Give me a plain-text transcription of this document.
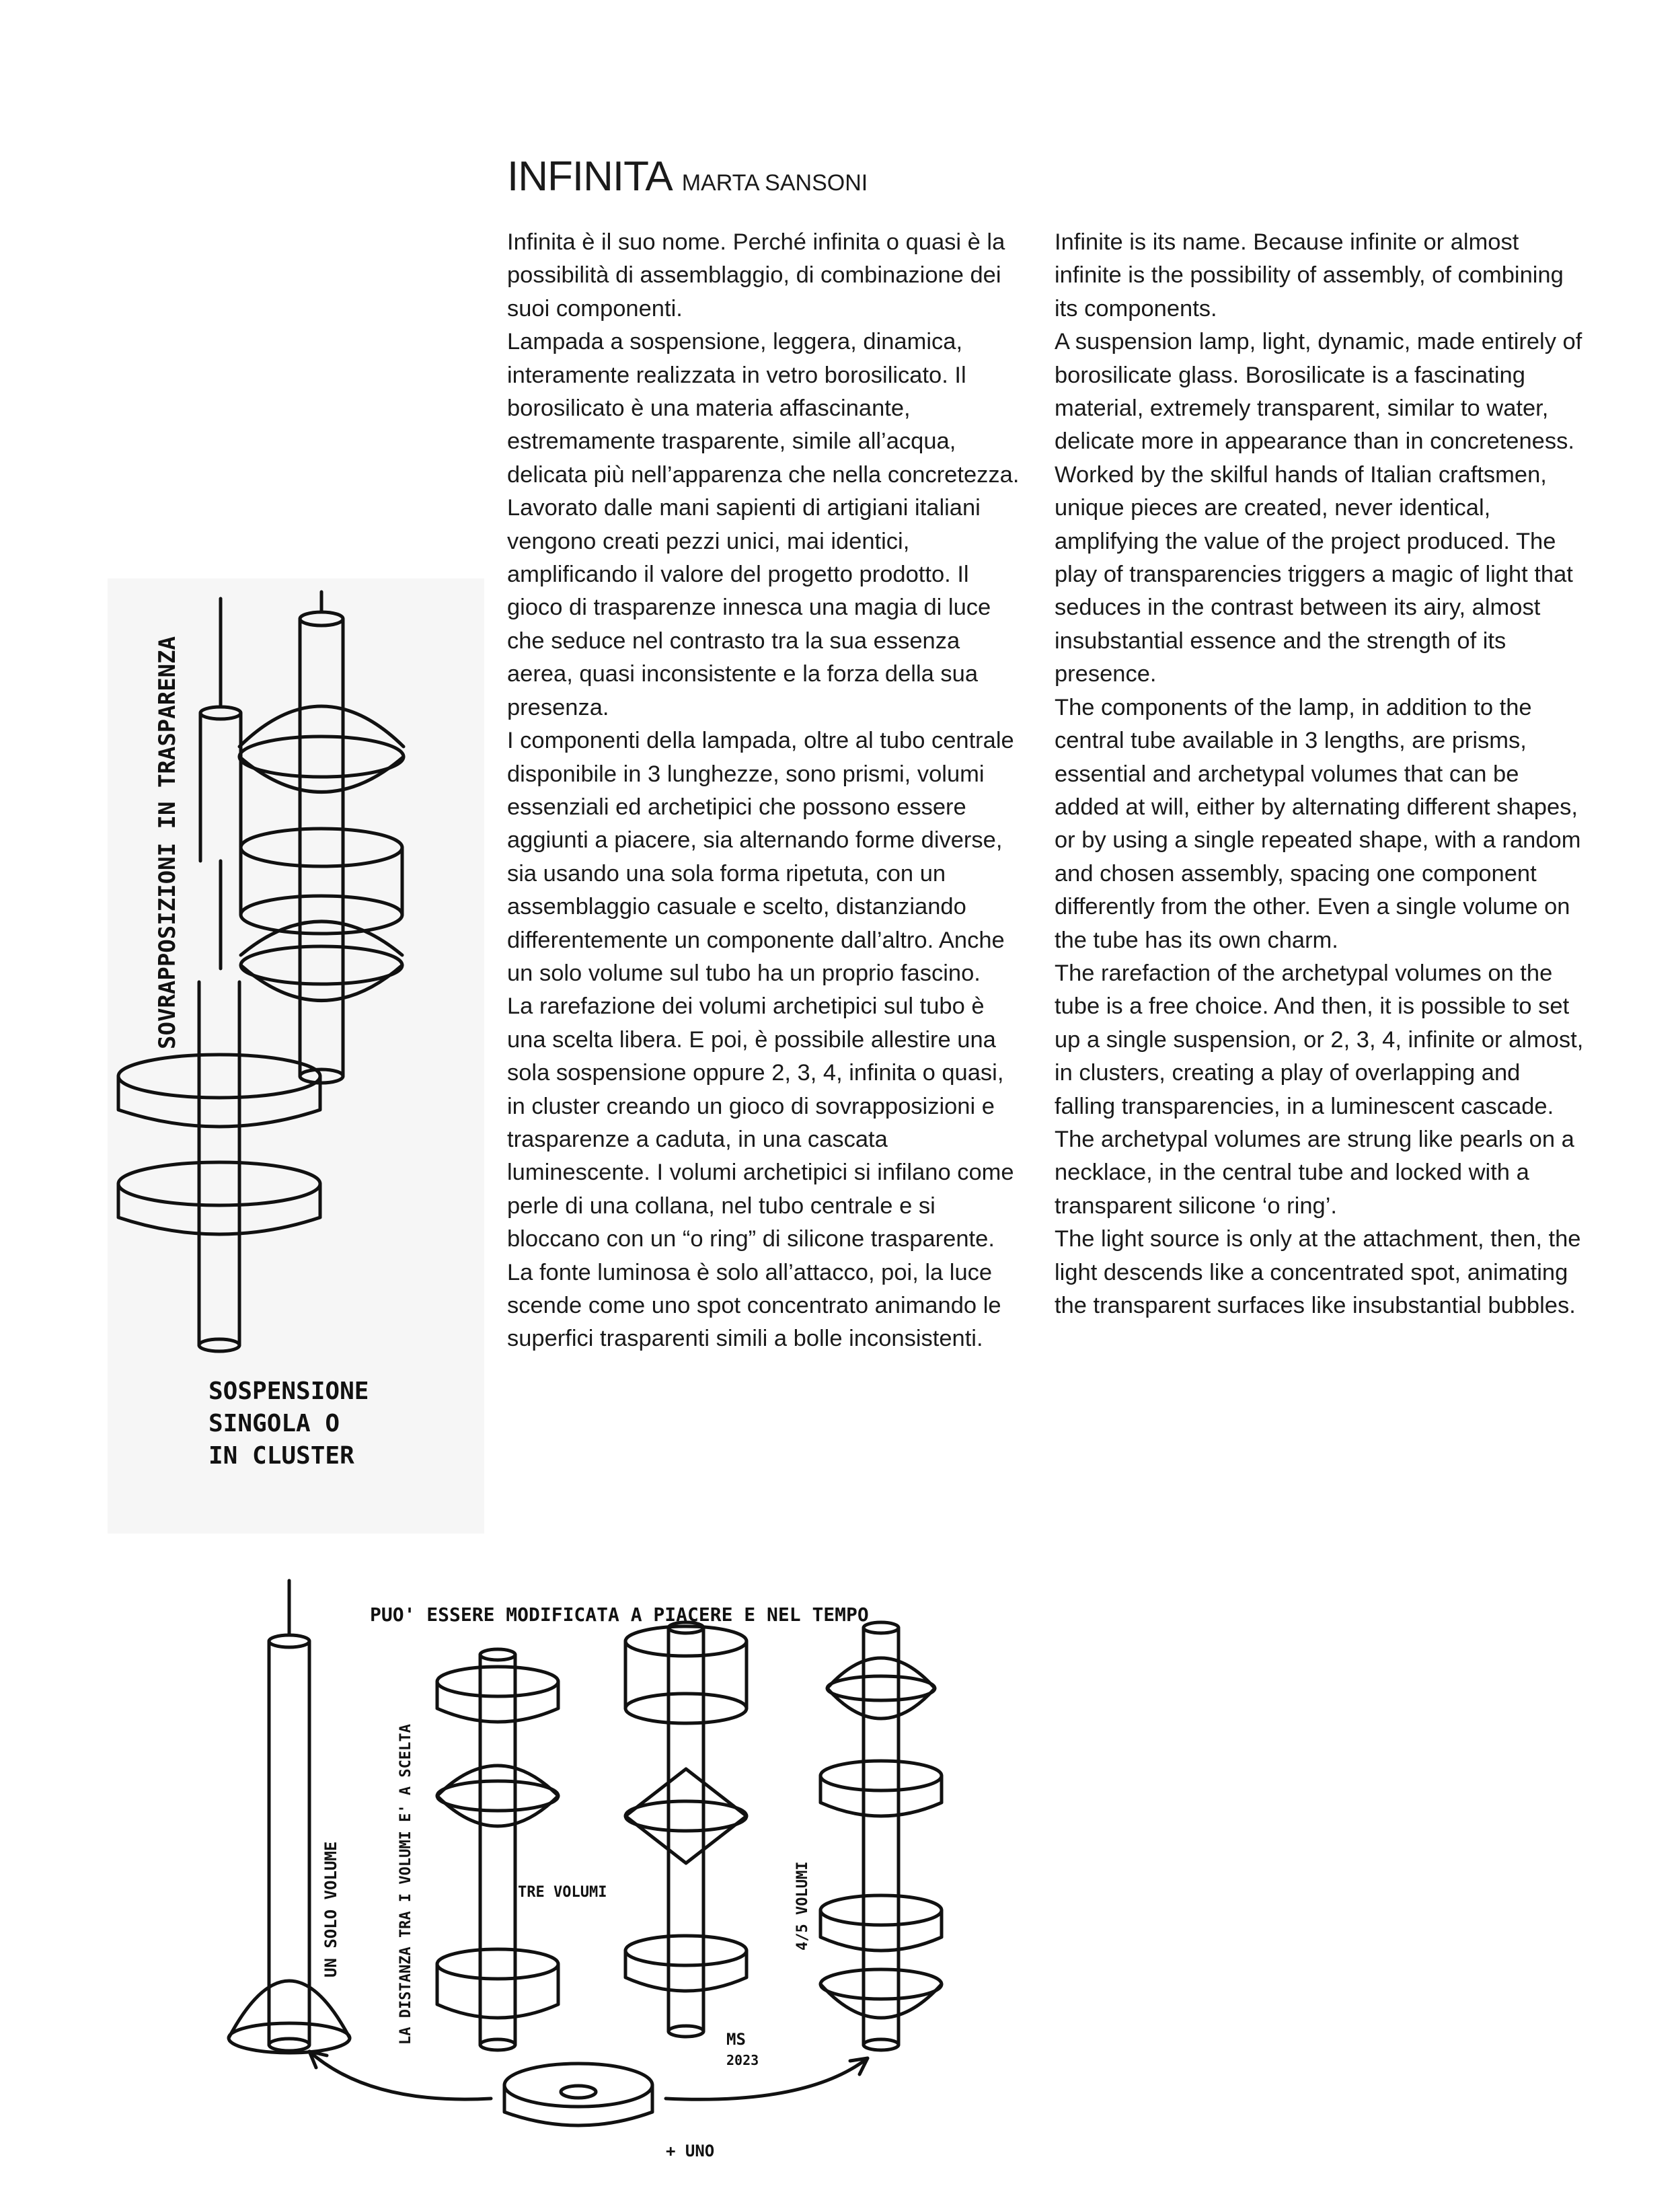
INFINITA MARTA SANSONI

Infinita è il suo nome. Perché infinita o quasi è la possibilità di assemblaggio, di combinazione dei suoi componenti.

Lampada a sospensione, leggera, dinamica, interamente realizzata in vetro borosilicato. Il borosilicato è una materia affascinante, estremamente trasparente, simile all’acqua, delicata più nell’apparenza che nella concretezza.

Lavorato dalle mani sapienti di artigiani italiani vengono creati pezzi unici, mai identici, amplificando il valore del progetto prodotto. Il gioco di trasparenze innesca una magia di luce che seduce nel contrasto tra la sua essenza aerea, quasi inconsistente e la forza della sua presenza.

I componenti della lampada, oltre al tubo centrale disponibile in 3 lunghezze, sono prismi, volumi essenziali ed archetipici che possono essere aggiunti a piacere, sia alternando forme diverse, sia usando una sola forma ripetuta, con un assemblaggio casuale e scelto, distanziando differentemente un componente dall’altro. Anche un solo volume sul tubo ha un proprio fascino.

La rarefazione dei volumi archetipici sul tubo è una scelta libera. E poi, è possibile allestire una sola sospensione oppure 2, 3, 4, infinita o quasi, in cluster creando un gioco di sovrapposizioni e trasparenze a caduta, in una cascata luminescente. I volumi archetipici si infilano come perle di una collana, nel tubo centrale e si bloccano con un “o ring” di silicone trasparente.

La fonte luminosa è solo all’attacco, poi, la luce scende come uno spot concentrato animando le superfici trasparenti simili a bolle inconsistenti.

Infinite is its name. Because infinite or almost infinite is the possibility of assembly, of combining its components.

A suspension lamp, light, dynamic, made entirely of borosilicate glass. Borosilicate is a fascinating material, extremely transparent, similar to water, delicate more in appearance than in concreteness.

Worked by the skilful hands of Italian craftsmen, unique pieces are created, never identical, amplifying the value of the project produced. The play of transparencies triggers a magic of light that seduces in the contrast between its airy, almost insubstantial essence and the strength of its presence.

The components of the lamp, in addition to the central tube available in 3 lengths, are prisms, essential and archetypal volumes that can be added at will, either by alternating different shapes, or by using a single repeated shape, with a random and chosen assembly, spacing one component differently from the other. Even a single volume on the tube has its own charm.

The rarefaction of the archetypal volumes on the tube is a free choice. And then, it is possible to set up a single suspension, or 2, 3, 4, infinite or almost, in clusters, creating a play of overlapping and falling transparencies, in a luminescent cascade. The archetypal volumes are strung like pearls on a necklace, in the central tube and locked with a transparent silicone ‘o ring’.

The light source is only at the attachment, then, the light descends like a concentrated spot, animating the transparent surfaces like insubstantial bubbles.

SOVRAPPOSIZIONI IN TRASPARENZA
SOSPENSIONE
SINGOLA O
IN CLUSTER
PUO' ESSERE MODIFICATA A PIACERE E NEL TEMPO
UN SOLO VOLUME	LA DISTANZA TRA I VOLUMI E' A SCELTA	TRE VOLUMI	4/5 VOLUMI
MS
2023
+ UNO
